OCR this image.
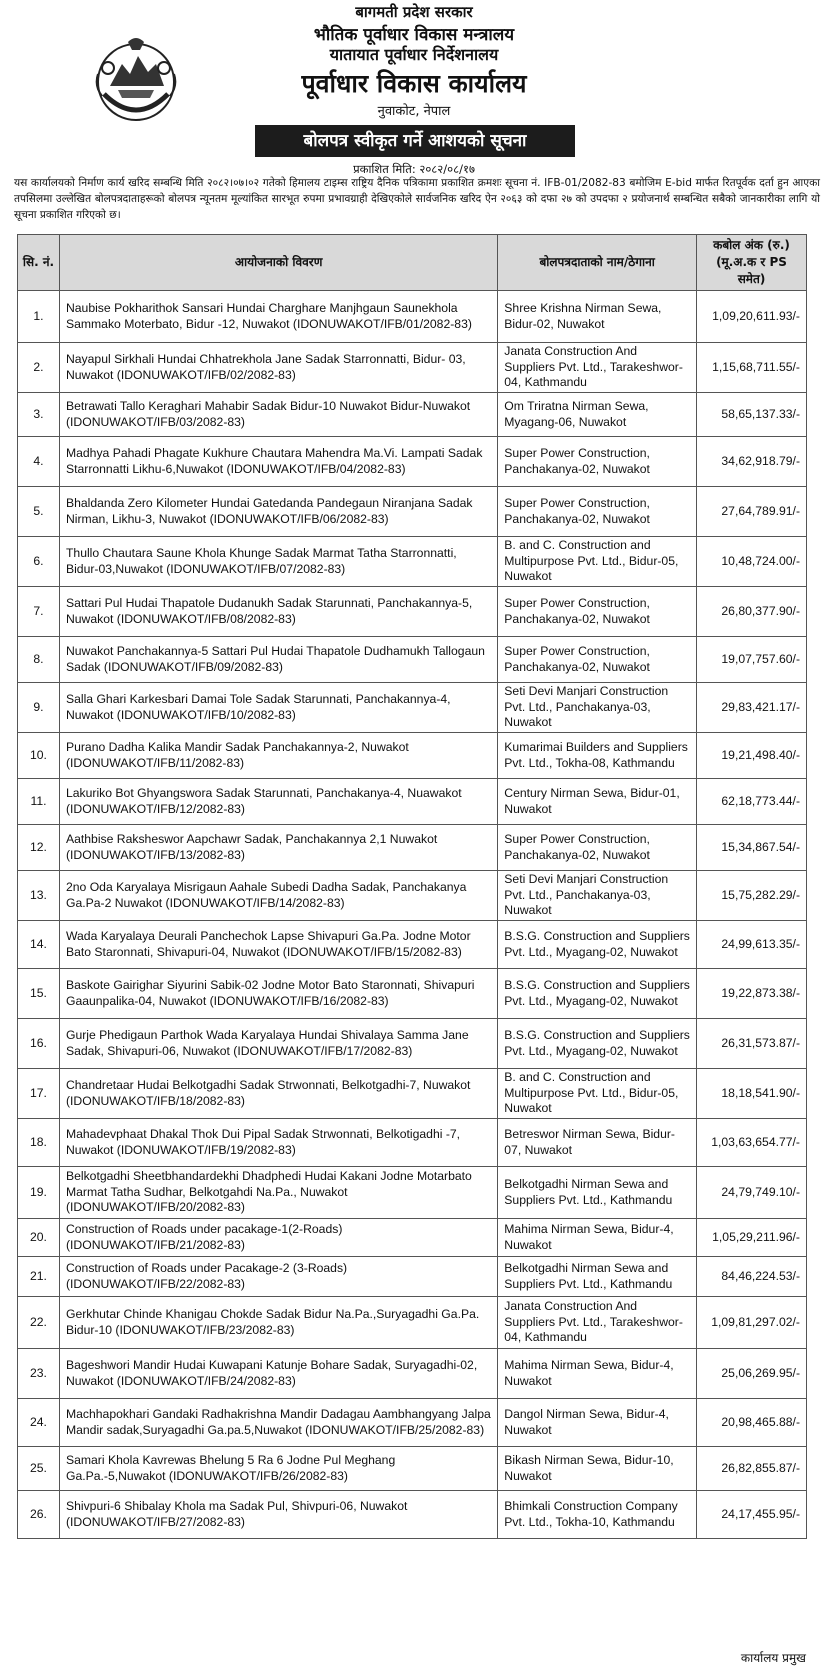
बागमती प्रदेश सरकार
भौतिक पूर्वाधार विकास मन्त्रालय
यातायात पूर्वाधार निर्देशनालय
पूर्वाधार विकास कार्यालय
नुवाकोट, नेपाल
बोलपत्र स्वीकृत गर्ने आशयको सूचना
प्रकाशित मिति: २०८२/०८/१७
यस कार्यालयको निर्माण कार्य खरिद सम्बन्धि मिति २०८२।०७।०२ गतेको हिमालय टाइम्स राष्ट्रिय दैनिक पत्रिकामा प्रकाशित क्रमशः सूचना नं. IFB-01/2082-83 बमोजिम E-bid मार्फत रितपूर्वक दर्ता हुन आएका तपसिलमा उल्लेखित बोलपत्रदाताहरूको बोलपत्र न्यूनतम मूल्यांकित सारभूत रुपमा प्रभावग्राही देखिएकोले सार्वजनिक खरिद ऐन २०६३ को दफा २७ को उपदफा २ प्रयोजनार्थ सम्बन्धित सबैको जानकारीका लागि यो सूचना प्रकाशित गरिएको छ।
सि. नं.	आयोजनाको विवरण	बोलपत्रदाताको नाम/ठेगाना	कबोल अंक (रु.) (मू.अ.क र PS समेत)
1.	Naubise Pokharithok Sansari Hundai Charghare Manjhgaun Saunekhola Sammako Moterbato, Bidur -12, Nuwakot (IDONUWAKOT/IFB/01/2082-83)	Shree Krishna Nirman Sewa, Bidur-02, Nuwakot	1,09,20,611.93/-
2.	Nayapul Sirkhali Hundai Chhatrekhola Jane Sadak Starronnatti, Bidur- 03, Nuwakot (IDONUWAKOT/IFB/02/2082-83)	Janata Construction And Suppliers Pvt. Ltd., Tarakeshwor-04, Kathmandu	1,15,68,711.55/-
3.	Betrawati Tallo Keraghari Mahabir Sadak Bidur-10 Nuwakot Bidur-Nuwakot (IDONUWAKOT/IFB/03/2082-83)	Om Triratna Nirman Sewa, Myagang-06, Nuwakot	58,65,137.33/-
4.	Madhya Pahadi Phagate Kukhure Chautara Mahendra Ma.Vi. Lampati Sadak Starronnatti Likhu-6,Nuwakot (IDONUWAKOT/IFB/04/2082-83)	Super Power Construction, Panchakanya-02, Nuwakot	34,62,918.79/-
5.	Bhaldanda Zero Kilometer Hundai Gatedanda Pandegaun Niranjana Sadak Nirman, Likhu-3, Nuwakot (IDONUWAKOT/IFB/06/2082-83)	Super Power Construction, Panchakanya-02, Nuwakot	27,64,789.91/-
6.	Thullo Chautara Saune Khola Khunge Sadak Marmat Tatha Starronnatti, Bidur-03,Nuwakot (IDONUWAKOT/IFB/07/2082-83)	B. and C. Construction and Multipurpose Pvt. Ltd., Bidur-05, Nuwakot	10,48,724.00/-
7.	Sattari Pul Hudai Thapatole Dudanukh Sadak Starunnati, Panchakannya-5, Nuwakot (IDONUWAKOT/IFB/08/2082-83)	Super Power Construction, Panchakanya-02, Nuwakot	26,80,377.90/-
8.	Nuwakot Panchakannya-5 Sattari Pul Hudai Thapatole Dudhamukh Tallogaun Sadak (IDONUWAKOT/IFB/09/2082-83)	Super Power Construction, Panchakanya-02, Nuwakot	19,07,757.60/-
9.	Salla Ghari Karkesbari Damai Tole Sadak Starunnati, Panchakannya-4, Nuwakot (IDONUWAKOT/IFB/10/2082-83)	Seti Devi Manjari Construction Pvt. Ltd., Panchakanya-03, Nuwakot	29,83,421.17/-
10.	Purano Dadha Kalika Mandir Sadak Panchakannya-2, Nuwakot (IDONUWAKOT/IFB/11/2082-83)	Kumarimai Builders and Suppliers Pvt. Ltd., Tokha-08, Kathmandu	19,21,498.40/-
11.	Lakuriko Bot Ghyangswora Sadak Starunnati, Panchakanya-4, Nuawakot (IDONUWAKOT/IFB/12/2082-83)	Century Nirman Sewa, Bidur-01, Nuwakot	62,18,773.44/-
12.	Aathbise Raksheswor Aapchawr Sadak, Panchakannya 2,1 Nuwakot (IDONUWAKOT/IFB/13/2082-83)	Super Power Construction, Panchakanya-02, Nuwakot	15,34,867.54/-
13.	2no Oda Karyalaya Misrigaun Aahale Subedi Dadha Sadak, Panchakanya Ga.Pa-2 Nuwakot (IDONUWAKOT/IFB/14/2082-83)	Seti Devi Manjari Construction Pvt. Ltd., Panchakanya-03, Nuwakot	15,75,282.29/-
14.	Wada Karyalaya Deurali Panchechok Lapse Shivapuri Ga.Pa. Jodne Motor Bato Staronnati, Shivapuri-04, Nuwakot (IDONUWAKOT/IFB/15/2082-83)	B.S.G. Construction and Suppliers Pvt. Ltd., Myagang-02, Nuwakot	24,99,613.35/-
15.	Baskote Gairighar Siyurini Sabik-02 Jodne Motor Bato Staronnati, Shivapuri Gaaunpalika-04, Nuwakot (IDONUWAKOT/IFB/16/2082-83)	B.S.G. Construction and Suppliers Pvt. Ltd., Myagang-02, Nuwakot	19,22,873.38/-
16.	Gurje Phedigaun Parthok Wada Karyalaya Hundai Shivalaya Samma Jane Sadak, Shivapuri-06, Nuwakot (IDONUWAKOT/IFB/17/2082-83)	B.S.G. Construction and Suppliers Pvt. Ltd., Myagang-02, Nuwakot	26,31,573.87/-
17.	Chandretaar Hudai Belkotgadhi Sadak Strwonnati, Belkotgadhi-7, Nuwakot (IDONUWAKOT/IFB/18/2082-83)	B. and C. Construction and Multipurpose Pvt. Ltd., Bidur-05, Nuwakot	18,18,541.90/-
18.	Mahadevphaat Dhakal Thok Dui Pipal Sadak Strwonnati, Belkotigadhi -7, Nuwakot (IDONUWAKOT/IFB/19/2082-83)	Betreswor Nirman Sewa, Bidur-07, Nuwakot	1,03,63,654.77/-
19.	Belkotgadhi Sheetbhandardekhi Dhadphedi Hudai Kakani Jodne Motarbato Marmat Tatha Sudhar, Belkotgahdi Na.Pa., Nuwakot (IDONUWAKOT/IFB/20/2082-83)	Belkotgadhi Nirman Sewa and Suppliers Pvt. Ltd., Kathmandu	24,79,749.10/-
20.	Construction of Roads under pacakage-1(2-Roads) (IDONUWAKOT/IFB/21/2082-83)	Mahima Nirman Sewa, Bidur-4, Nuwakot	1,05,29,211.96/-
21.	Construction of Roads under Pacakage-2 (3-Roads) (IDONUWAKOT/IFB/22/2082-83)	Belkotgadhi Nirman Sewa and Suppliers Pvt. Ltd., Kathmandu	84,46,224.53/-
22.	Gerkhutar Chinde Khanigau Chokde Sadak Bidur Na.Pa.,Suryagadhi Ga.Pa. Bidur-10 (IDONUWAKOT/IFB/23/2082-83)	Janata Construction And Suppliers Pvt. Ltd., Tarakeshwor-04, Kathmandu	1,09,81,297.02/-
23.	Bageshwori Mandir Hudai Kuwapani Katunje Bohare Sadak, Suryagadhi-02, Nuwakot (IDONUWAKOT/IFB/24/2082-83)	Mahima Nirman Sewa, Bidur-4, Nuwakot	25,06,269.95/-
24.	Machhapokhari Gandaki Radhakrishna Mandir Dadagau Aambhangyang Jalpa Mandir sadak,Suryagadhi Ga.pa.5,Nuwakot (IDONUWAKOT/IFB/25/2082-83)	Dangol Nirman Sewa, Bidur-4, Nuwakot	20,98,465.88/-
25.	Samari Khola Kavrewas Bhelung 5 Ra 6 Jodne Pul Meghang Ga.Pa.-5,Nuwakot (IDONUWAKOT/IFB/26/2082-83)	Bikash Nirman Sewa, Bidur-10, Nuwakot	26,82,855.87/-
26.	Shivpuri-6 Shibalay Khola ma Sadak Pul, Shivpuri-06, Nuwakot (IDONUWAKOT/IFB/27/2082-83)	Bhimkali Construction Company Pvt. Ltd., Tokha-10, Kathmandu	24,17,455.95/-
कार्यालय प्रमुख
